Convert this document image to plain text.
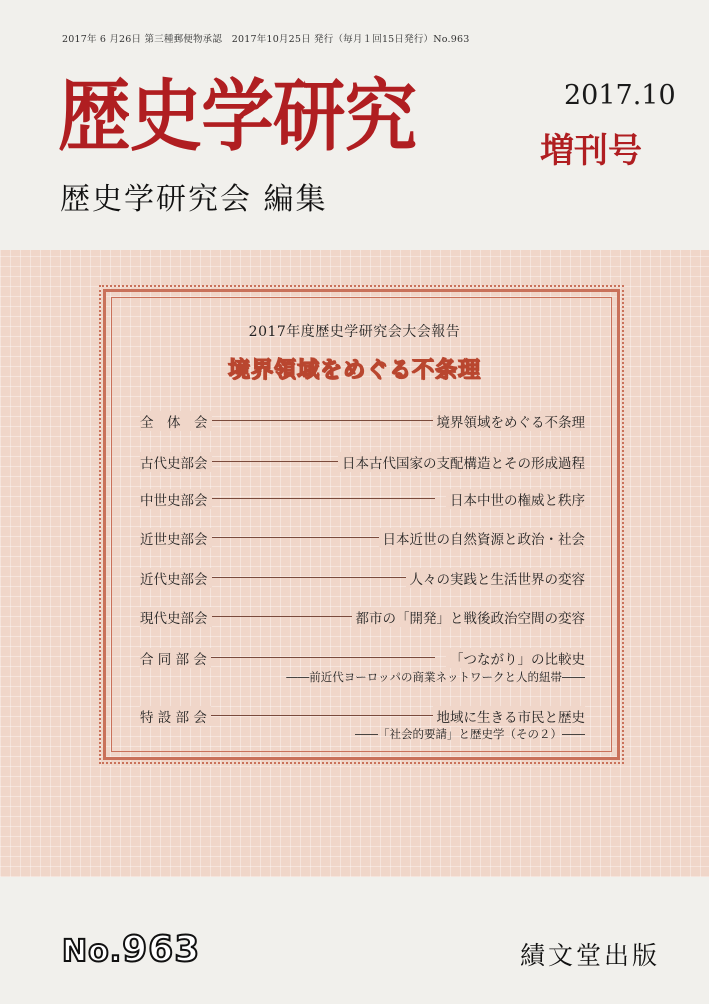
2017年 6 月26日 第三種郵便物承認　2017年10月25日 発行（毎月１回15日発行）No.963
歴史学研究	2017.10
増刊号
歴史学研究会 編集
2017年度歴史学研究会大会報告
境界領域をめぐる不条理
全　体　会	境界領域をめぐる不条理
古代史部会	日本古代国家の支配構造とその形成過程
中世史部会	日本中世の権威と秩序
近世史部会	日本近世の自然資源と政治・社会
近代史部会	人々の実践と生活世界の変容
現代史部会	都市の「開発」と戦後政治空間の変容
合 同 部 会	「つながり」の比較史
――前近代ヨーロッパの商業ネットワークと人的紐帯――
特 設 部 会	地域に生きる市民と歴史
――「社会的要請」と歴史学（その２）――
No.963	績文堂出版
